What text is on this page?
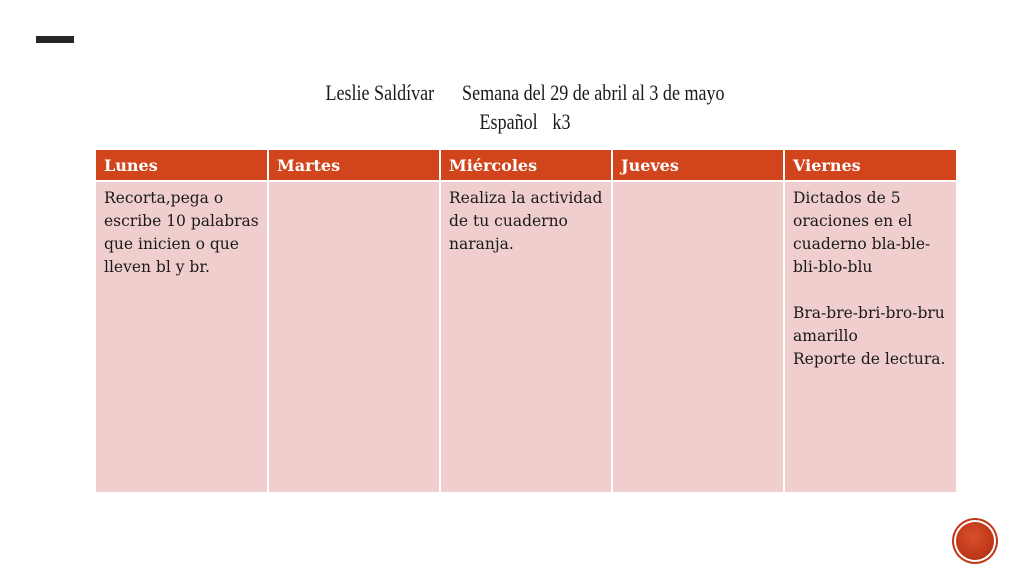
Leslie Saldívar Semana del 29 de abril al 3 de mayo
Español k3
Lunes	Martes	Miércoles	Jueves	Viernes
Recorta,pega o escribe 10 palabras que inicien o que lleven bl y br.		Realiza la actividad de tu cuaderno naranja.		Dictados de 5 oraciones en el cuaderno bla-ble-bli-blo-blu

Bra-bre-bri-bro-bru amarillo
Reporte de lectura.
